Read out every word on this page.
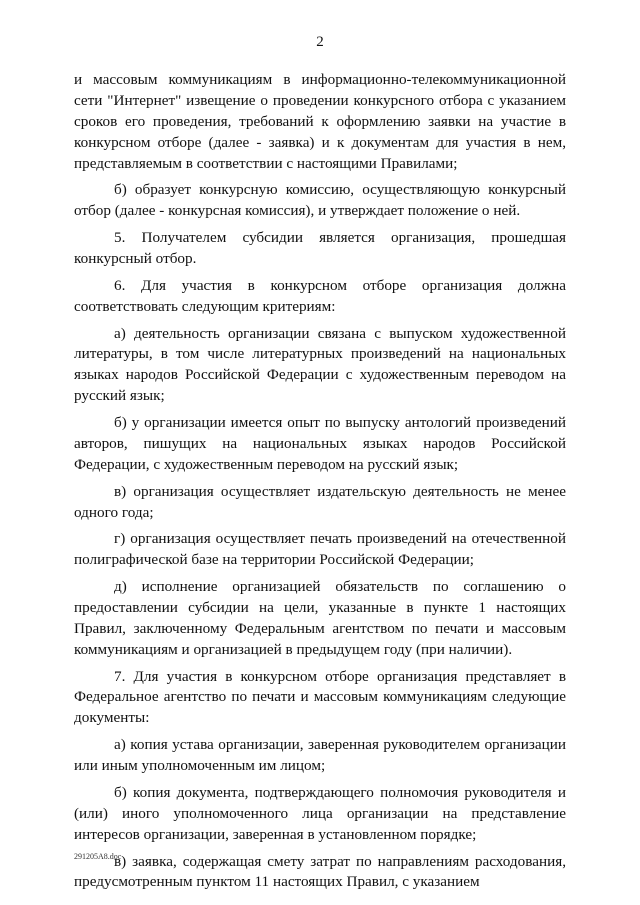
2

и массовым коммуникациям в информационно-телекоммуникационной сети "Интернет" извещение о проведении конкурсного отбора с указанием сроков его проведения, требований к оформлению заявки на участие в конкурсном отборе (далее - заявка) и к документам для участия в нем, представляемым в соответствии с настоящими Правилами;

б) образует конкурсную комиссию, осуществляющую конкурсный отбор (далее - конкурсная комиссия), и утверждает положение о ней.

5. Получателем субсидии является организация, прошедшая конкурсный отбор.

6. Для участия в конкурсном отборе организация должна соответствовать следующим критериям:

а) деятельность организации связана с выпуском художественной литературы, в том числе литературных произведений на национальных языках народов Российской Федерации с художественным переводом на русский язык;

б) у организации имеется опыт по выпуску антологий произведений авторов, пишущих на национальных языках народов Российской Федерации, с художественным переводом на русский язык;

в) организация осуществляет издательскую деятельность не менее одного года;

г) организация осуществляет печать произведений на отечественной полиграфической базе на территории Российской Федерации;

д) исполнение организацией обязательств по соглашению о предоставлении субсидии на цели, указанные в пункте 1 настоящих Правил, заключенному Федеральным агентством по печати и массовым коммуникациям и организацией в предыдущем году (при наличии).

7. Для участия в конкурсном отборе организация представляет в Федеральное агентство по печати и массовым коммуникациям следующие документы:

а) копия устава организации, заверенная руководителем организации или иным уполномоченным им лицом;

б) копия документа, подтверждающего полномочия руководителя и (или) иного уполномоченного лица организации на представление интересов организации, заверенная в установленном порядке;

в) заявка, содержащая смету затрат по направлениям расходования, предусмотренным пунктом 11 настоящих Правил, с указанием

291205A8.doc
